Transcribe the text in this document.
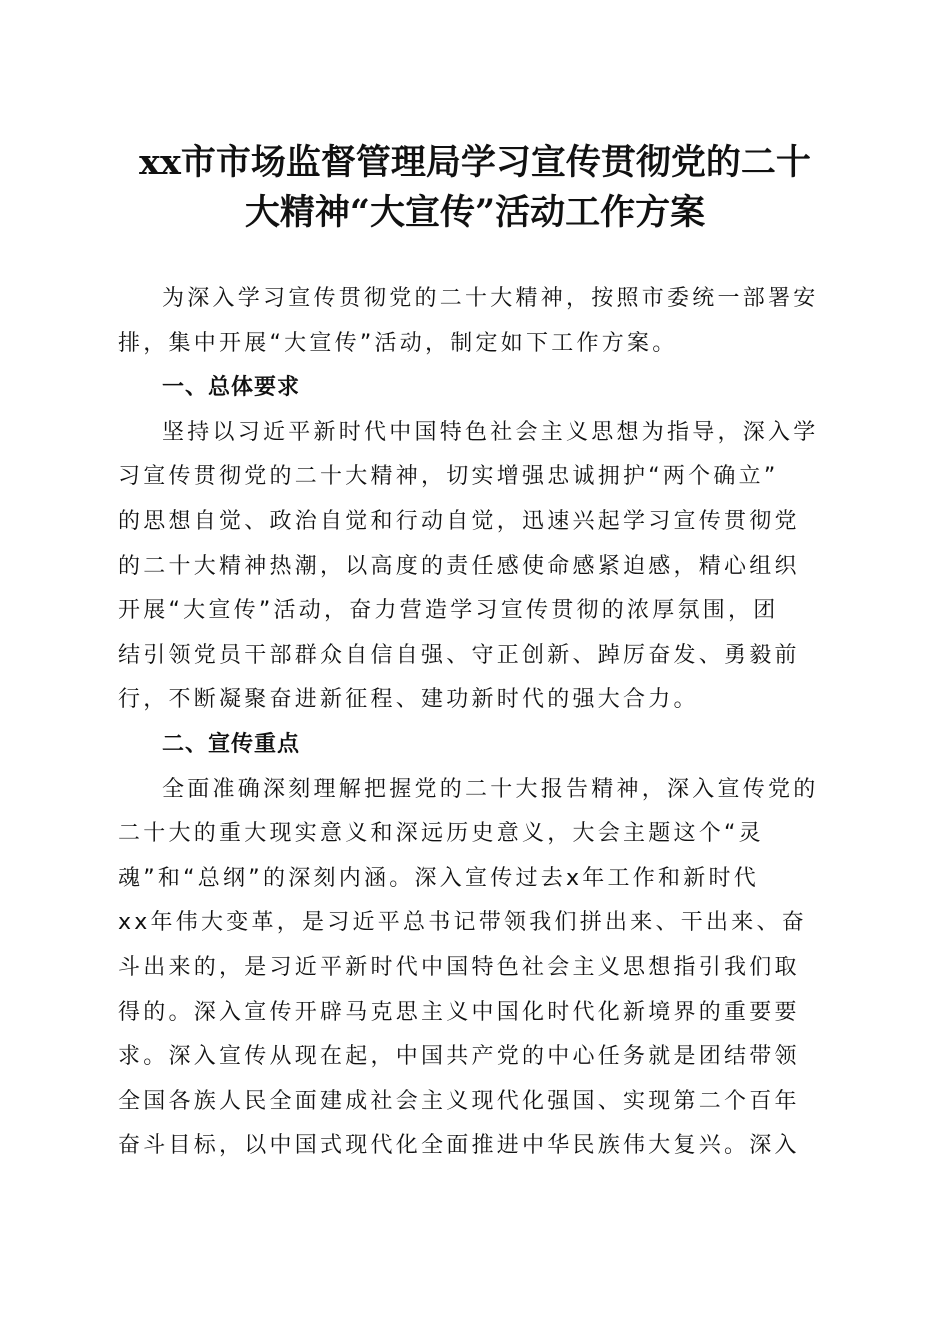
xx市市场监督管理局学习宣传贯彻党的二十
大精神“大宣传”活动工作方案

为深入学习宣传贯彻党的二十大精神，按照市委统一部署安
排，集中开展“大宣传”活动，制定如下工作方案。

一、总体要求

坚持以习近平新时代中国特色社会主义思想为指导，深入学
习宣传贯彻党的二十大精神，切实增强忠诚拥护“两个确立”
的思想自觉、政治自觉和行动自觉，迅速兴起学习宣传贯彻党
的二十大精神热潮，以高度的责任感使命感紧迫感，精心组织
开展“大宣传”活动，奋力营造学习宣传贯彻的浓厚氛围，团
结引领党员干部群众自信自强、守正创新、踔厉奋发、勇毅前
行，不断凝聚奋进新征程、建功新时代的强大合力。

二、宣传重点

全面准确深刻理解把握党的二十大报告精神，深入宣传党的
二十大的重大现实意义和深远历史意义，大会主题这个“灵
魂”和“总纲”的深刻内涵。深入宣传过去x年工作和新时代
xx年伟大变革，是习近平总书记带领我们拼出来、干出来、奋
斗出来的，是习近平新时代中国特色社会主义思想指引我们取
得的。深入宣传开辟马克思主义中国化时代化新境界的重要要
求。深入宣传从现在起，中国共产党的中心任务就是团结带领
全国各族人民全面建成社会主义现代化强国、实现第二个百年
奋斗目标，以中国式现代化全面推进中华民族伟大复兴。深入
